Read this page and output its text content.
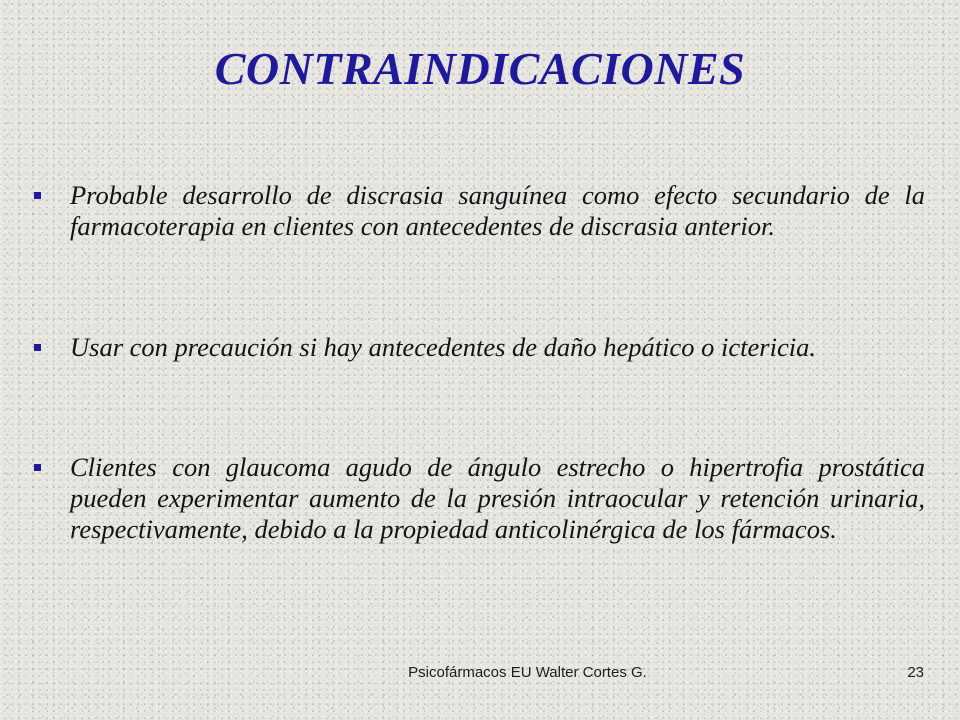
CONTRAINDICACIONES
Probable desarrollo de discrasia sanguínea como efecto secundario de la farmacoterapia en clientes con antecedentes de discrasia anterior.
Usar con precaución si hay antecedentes de daño hepático o ictericia.
Clientes con glaucoma agudo de ángulo estrecho o hipertrofia prostática pueden experimentar aumento de la presión intraocular y retención urinaria, respectivamente, debido a la propiedad anticolinérgica de los fármacos.
Psicofármacos EU Walter Cortes G.	23
